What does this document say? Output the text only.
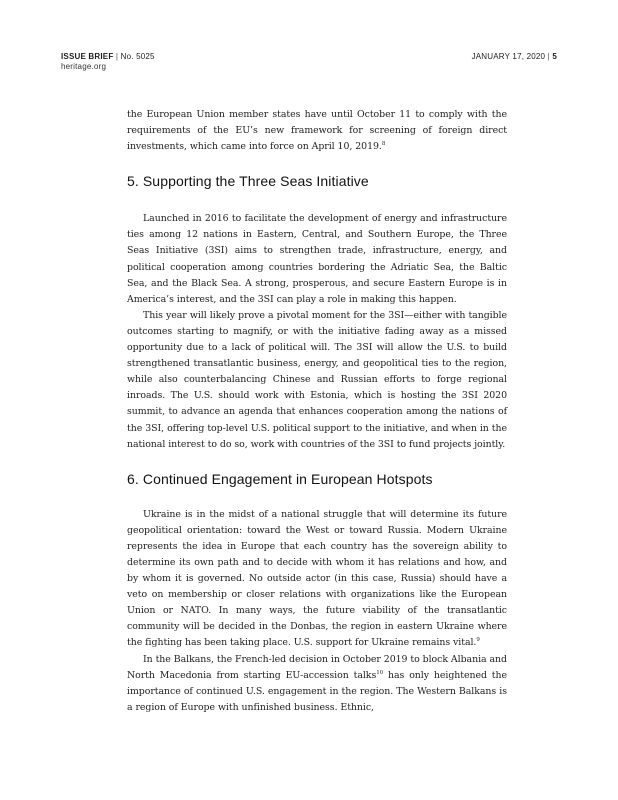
ISSUE BRIEF | No. 5025
heritage.org
JANUARY 17, 2020 | 5

the European Union member states have until October 11 to comply with the requirements of the EU’s new framework for screening of foreign direct investments, which came into force on April 10, 2019.$^8$

5. Supporting the Three Seas Initiative

Launched in 2016 to facilitate the development of energy and infrastructure ties among 12 nations in Eastern, Central, and Southern Europe, the Three Seas Initiative (3SI) aims to strengthen trade, infrastructure, energy, and political cooperation among countries bordering the Adriatic Sea, the Baltic Sea, and the Black Sea. A strong, prosperous, and secure Eastern Europe is in America’s interest, and the 3SI can play a role in making this happen.

This year will likely prove a pivotal moment for the 3SI—either with tangible outcomes starting to magnify, or with the initiative fading away as a missed opportunity due to a lack of political will. The 3SI will allow the U.S. to build strengthened transatlantic business, energy, and geopolitical ties to the region, while also counterbalancing Chinese and Russian efforts to forge regional inroads. The U.S. should work with Estonia, which is hosting the 3SI 2020 summit, to advance an agenda that enhances cooperation among the nations of the 3SI, offering top-level U.S. political support to the initiative, and when in the national interest to do so, work with countries of the 3SI to fund projects jointly.

6. Continued Engagement in European Hotspots

Ukraine is in the midst of a national struggle that will determine its future geopolitical orientation: toward the West or toward Russia. Modern Ukraine represents the idea in Europe that each country has the sovereign ability to determine its own path and to decide with whom it has relations and how, and by whom it is governed. No outside actor (in this case, Russia) should have a veto on membership or closer relations with organizations like the European Union or NATO. In many ways, the future viability of the transatlantic community will be decided in the Donbas, the region in eastern Ukraine where the fighting has been taking place. U.S. support for Ukraine remains vital.$^9$

In the Balkans, the French-led decision in October 2019 to block Albania and North Macedonia from starting EU-accession talks$^{10}$ has only heightened the importance of continued U.S. engagement in the region. The Western Balkans is a region of Europe with unfinished business. Ethnic,
